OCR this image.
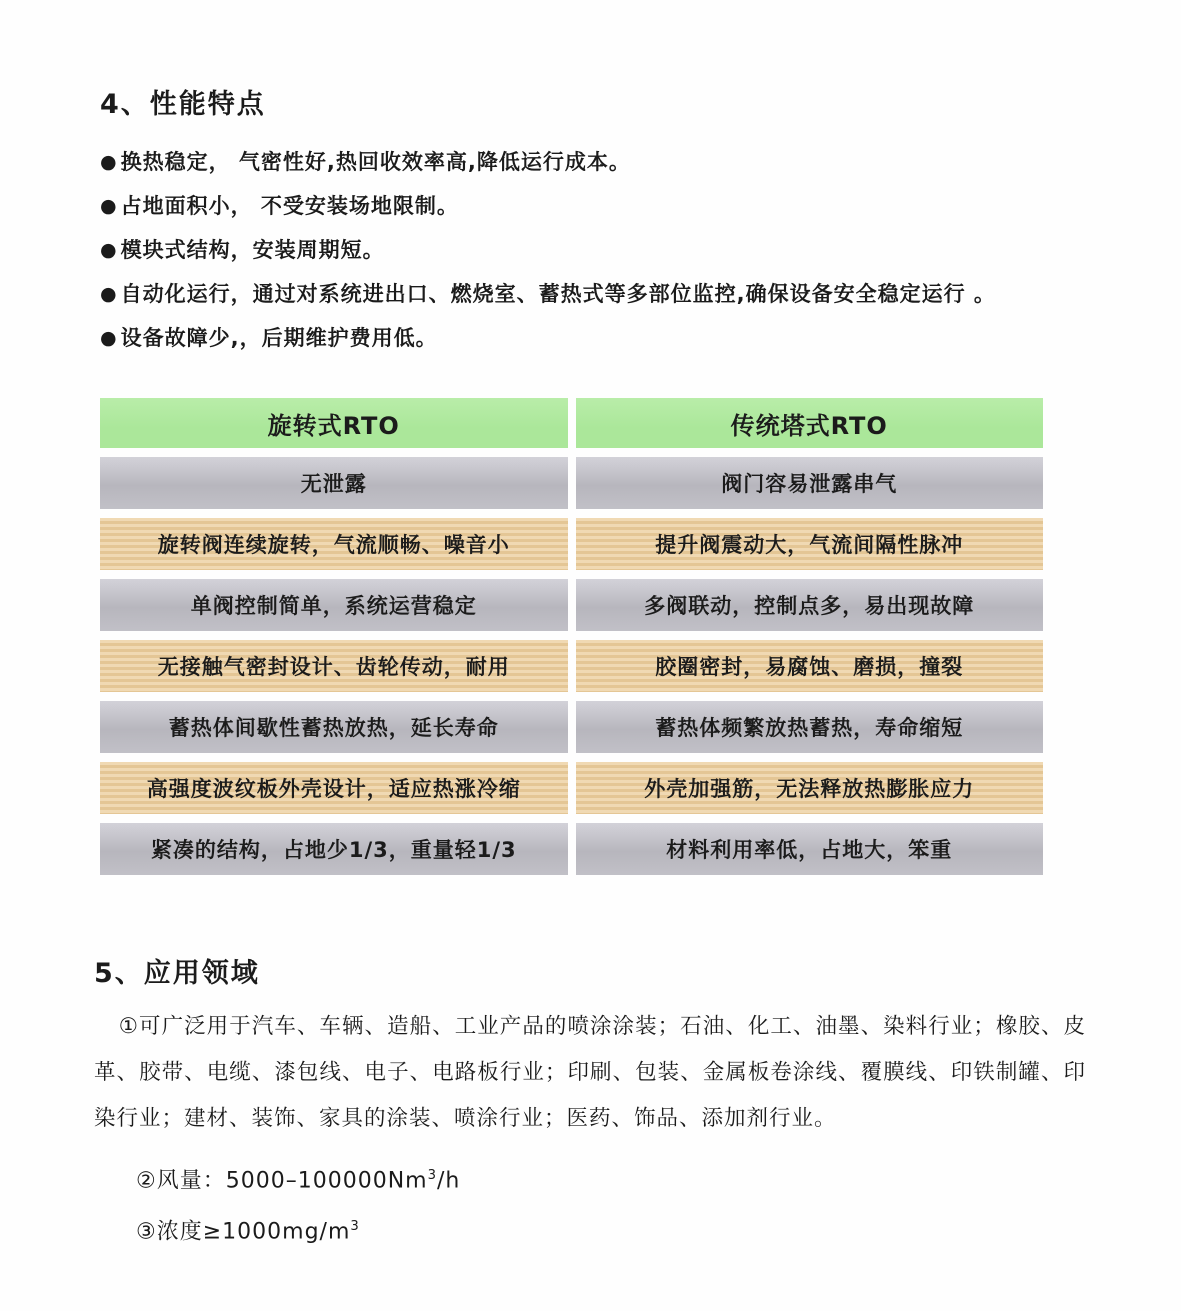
4、性能特点
● 换热稳定， 气密性好,热回收效率高,降低运行成本。
● 占地面积小， 不受安装场地限制。
● 模块式结构，安装周期短。
● 自动化运行，通过对系统进出口、燃烧室、蓄热式等多部位监控,确保设备安全稳定运行 。
● 设备故障少,，后期维护费用低。
旋转式RTO	传统塔式RTO
无泄露	阀门容易泄露串气
旋转阀连续旋转，气流顺畅、噪音小	提升阀震动大，气流间隔性脉冲
单阀控制简单，系统运营稳定	多阀联动，控制点多，易出现故障
无接触气密封设计、齿轮传动，耐用	胶圈密封，易腐蚀、磨损，撞裂
蓄热体间歇性蓄热放热，延长寿命	蓄热体频繁放热蓄热，寿命缩短
高强度波纹板外壳设计，适应热涨冷缩	外壳加强筋，无法释放热膨胀应力
紧凑的结构，占地少1/3，重量轻1/3	材料利用率低，占地大，笨重
5、应用领域

①可广泛用于汽车、车辆、造船、工业产品的喷涂涂装；石油、化工、油墨、染料行业；橡胶、皮革、胶带、电缆、漆包线、电子、电路板行业；印刷、包装、金属板卷涂线、覆膜线、印铁制罐、印染行业；建材、装饰、家具的涂装、喷涂行业；医药、饰品、添加剂行业。

②风量：5000–100000Nm$^3$/h
③浓度$\ge 1000mg/m^3$
